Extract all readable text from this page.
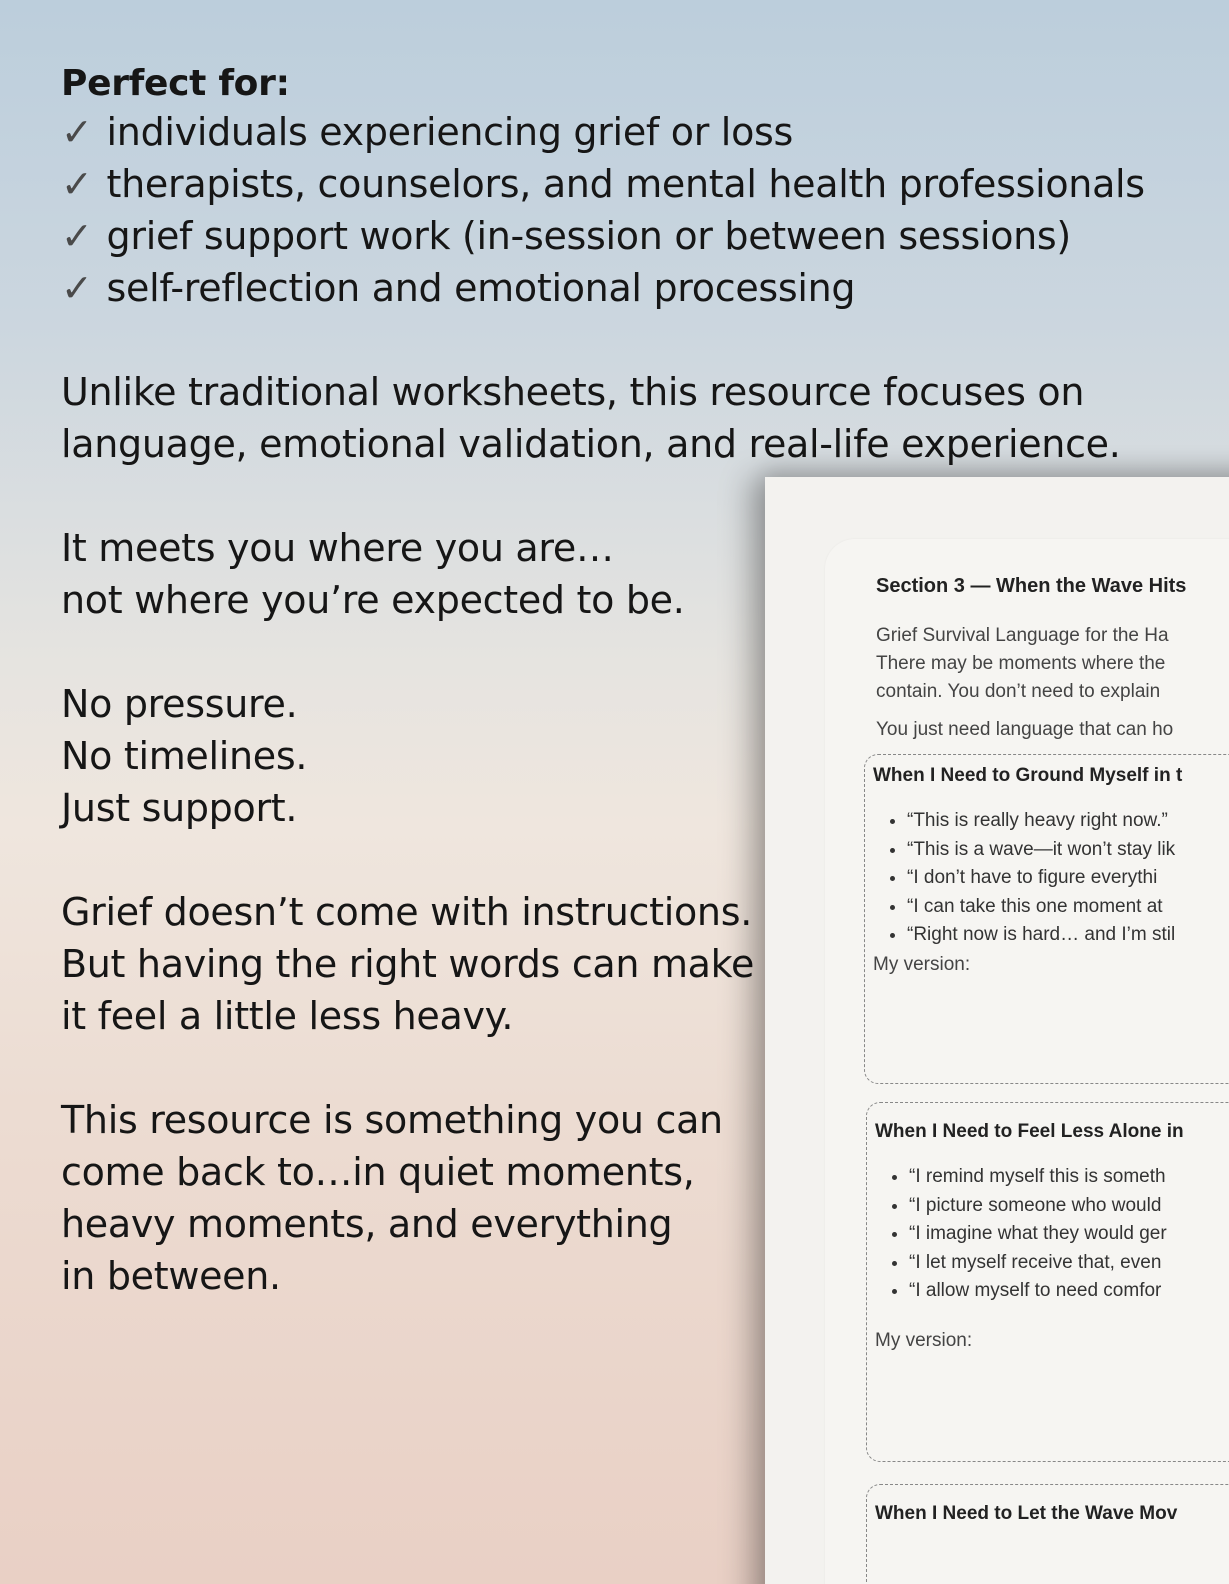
Perfect for:

✓ individuals experiencing grief or loss
✓ therapists, counselors, and mental health professionals
✓ grief support work (in-session or between sessions)
✓ self-reflection and emotional processing

Unlike traditional worksheets, this resource focuses on
language, emotional validation, and real-life experience.

It meets you where you are…
not where you’re expected to be.

No pressure.
No timelines.
Just support.

Grief doesn’t come with instructions.
But having the right words can make
it feel a little less heavy.

This resource is something you can
come back to…in quiet moments,
heavy moments, and everything
in between.

Section 3 — When the Wave Hits

Grief Survival Language for the Ha
There may be moments where the
contain. You don’t need to explain
You just need language that can ho

When I Need to Ground Myself in t

• “This is really heavy right now.”
• “This is a wave—it won’t stay lik
• “I don’t have to figure everythi
• “I can take this one moment at
• “Right now is hard… and I’m stil
My version:

When I Need to Feel Less Alone in

• “I remind myself this is someth
• “I picture someone who would
• “I imagine what they would ger
• “I let myself receive that, even
• “I allow myself to need comfor
My version:

When I Need to Let the Wave Mov
